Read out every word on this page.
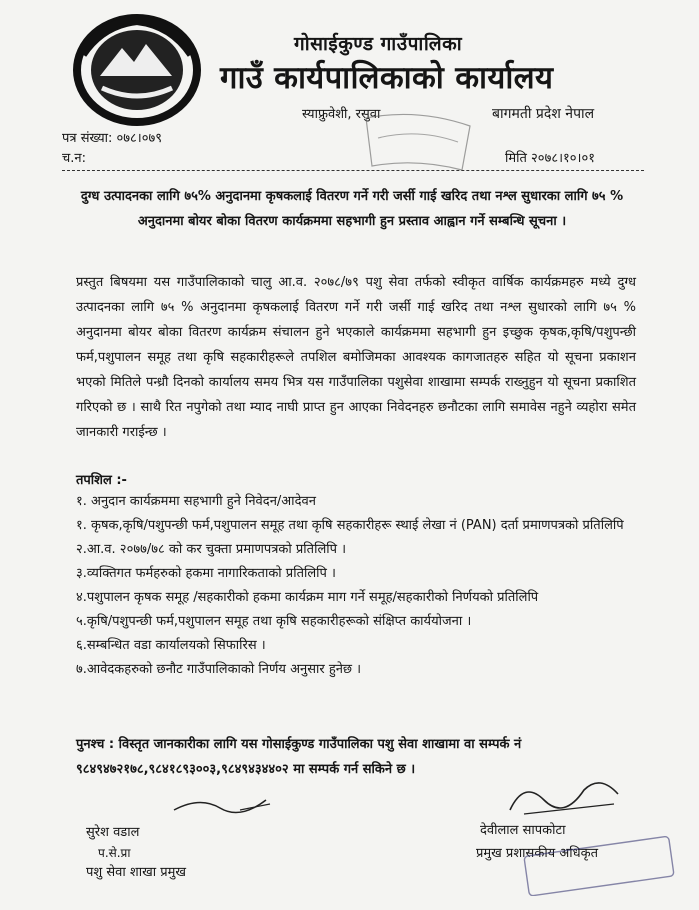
गोसाईकुण्ड गाउँपालिका
गाउँ कार्यपालिकाको कार्यालय
स्याफ्रुवेशी, रसुवा	बागमती प्रदेश नेपाल
पत्र संख्या: ०७८।०७९
च.न:	मिति २०७८।१०।०१
दुग्ध उत्पादनका लागि ७५% अनुदानमा कृषकलाई वितरण गर्ने गरी जर्सी गाई खरिद तथा नश्ल सुधारका लागि ७५ % अनुदानमा बोयर बोका वितरण कार्यक्रममा सहभागी हुन प्रस्ताव आह्वान गर्ने सम्बन्धि सूचना ।
प्रस्तुत बिषयमा यस गाउँपालिकाको चालु आ.व. २०७८/७९ पशु सेवा तर्फको स्वीकृत वार्षिक कार्यक्रमहरु मध्ये दुग्ध उत्पादनका लागि ७५ % अनुदानमा कृषकलाई वितरण गर्ने गरी जर्सी गाई खरिद तथा नश्ल सुधारको लागि ७५ % अनुदानमा बोयर बोका वितरण कार्यक्रम संचालन हुने भएकाले कार्यक्रममा सहभागी हुन इच्छुक कृषक,कृषि/पशुपन्छी फर्म,पशुपालन समूह तथा कृषि सहकारीहरूले तपशिल बमोजिमका आवश्यक कागजातहरु सहित यो सूचना प्रकाशन भएको मितिले पन्ध्रौ दिनको कार्यालय समय भित्र यस गाउँपालिका पशुसेवा शाखामा सम्पर्क राख्नुहुन यो सूचना प्रकाशित गरिएको छ । साथै रित नपुगेको तथा म्याद नाघी प्राप्त हुन आएका निवेदनहरु छनौटका लागि समावेस नहुने व्यहोरा समेत जानकारी गराईन्छ ।
तपशिल :-
१. अनुदान कार्यक्रममा सहभागी हुने निवेदन/आदेवन
१. कृषक,कृषि/पशुपन्छी फर्म,पशुपालन समूह तथा कृषि सहकारीहरू स्थाई लेखा नं (PAN) दर्ता प्रमाणपत्रको प्रतिलिपि
२.आ.व. २०७७/७८ को कर चुक्ता प्रमाणपत्रको प्रतिलिपि ।
३.व्यक्तिगत फर्महरुको हकमा नागारिकताको प्रतिलिपि ।
४.पशुपालन कृषक समूह /सहकारीको हकमा कार्यक्रम माग गर्ने समूह/सहकारीको निर्णयको प्रतिलिपि
५.कृषि/पशुपन्छी फर्म,पशुपालन समूह तथा कृषि सहकारीहरूको संक्षिप्त कार्ययोजना ।
६.सम्बन्धित वडा कार्यालयको सिफारिस ।
७.आवेदकहरुको छनौट गाउँपालिकाको निर्णय अनुसार हुनेछ ।
पुनश्च : विस्तृत जानकारीका लागि यस गोसाईकुण्ड गाउँपालिका पशु सेवा शाखामा वा सम्पर्क नं ९८४९४७२१७८,९८४१८९३००३,९८४९४३४४०२ मा सम्पर्क गर्न सकिने छ ।
सुरेश वडाल
प.से.प्रा
पशु सेवा शाखा प्रमुख
देवीलाल सापकोटा
प्रमुख प्रशासकीय अधिकृत
